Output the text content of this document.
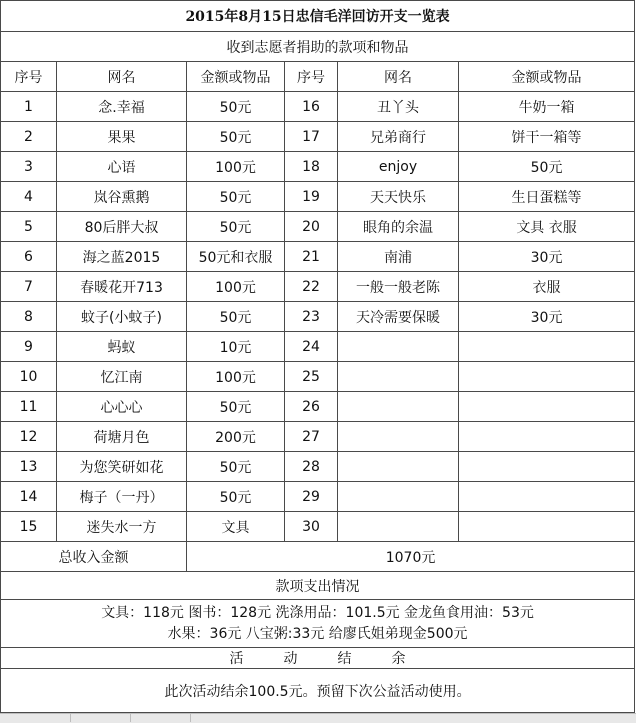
2015年8月15日忠信毛洋回访开支一览表					
收到志愿者捐助的款项和物品					
序号	网名	金额或物品	序号	网名	金额或物品
1	念.幸福	50元	16	丑丫头	牛奶一箱
2	果果	50元	17	兄弟商行	饼干一箱等
3	心语	100元	18	enjoy	50元
4	岚谷熏鹅	50元	19	天天快乐	生日蛋糕等
5	80后胖大叔	50元	20	眼角的余温	文具 衣服
6	海之蓝2015	50元和衣服	21	南浦	30元
7	春暖花开713	100元	22	一般一般老陈	衣服
8	蚊子(小蚊子)	50元	23	天冷需要保暖	30元
9	蚂蚁	10元	24		
10	忆江南	100元	25		
11	心心心	50元	26		
12	荷塘月色	200元	27		
13	为您笑研如花	50元	28		
14	梅子（一丹）	50元	29		
15	迷失水一方	文具	30		
总收入金额		1070元			
款项支出情况					

文具：118元 图书：128元 洗涤用品：101.5元 金龙鱼食用油：53元
水果：36元 八宝粥:33元 给廖氏姐弟现金500元					

活 动 结 余					
此次活动结余100.5元。预留下次公益活动使用。					
